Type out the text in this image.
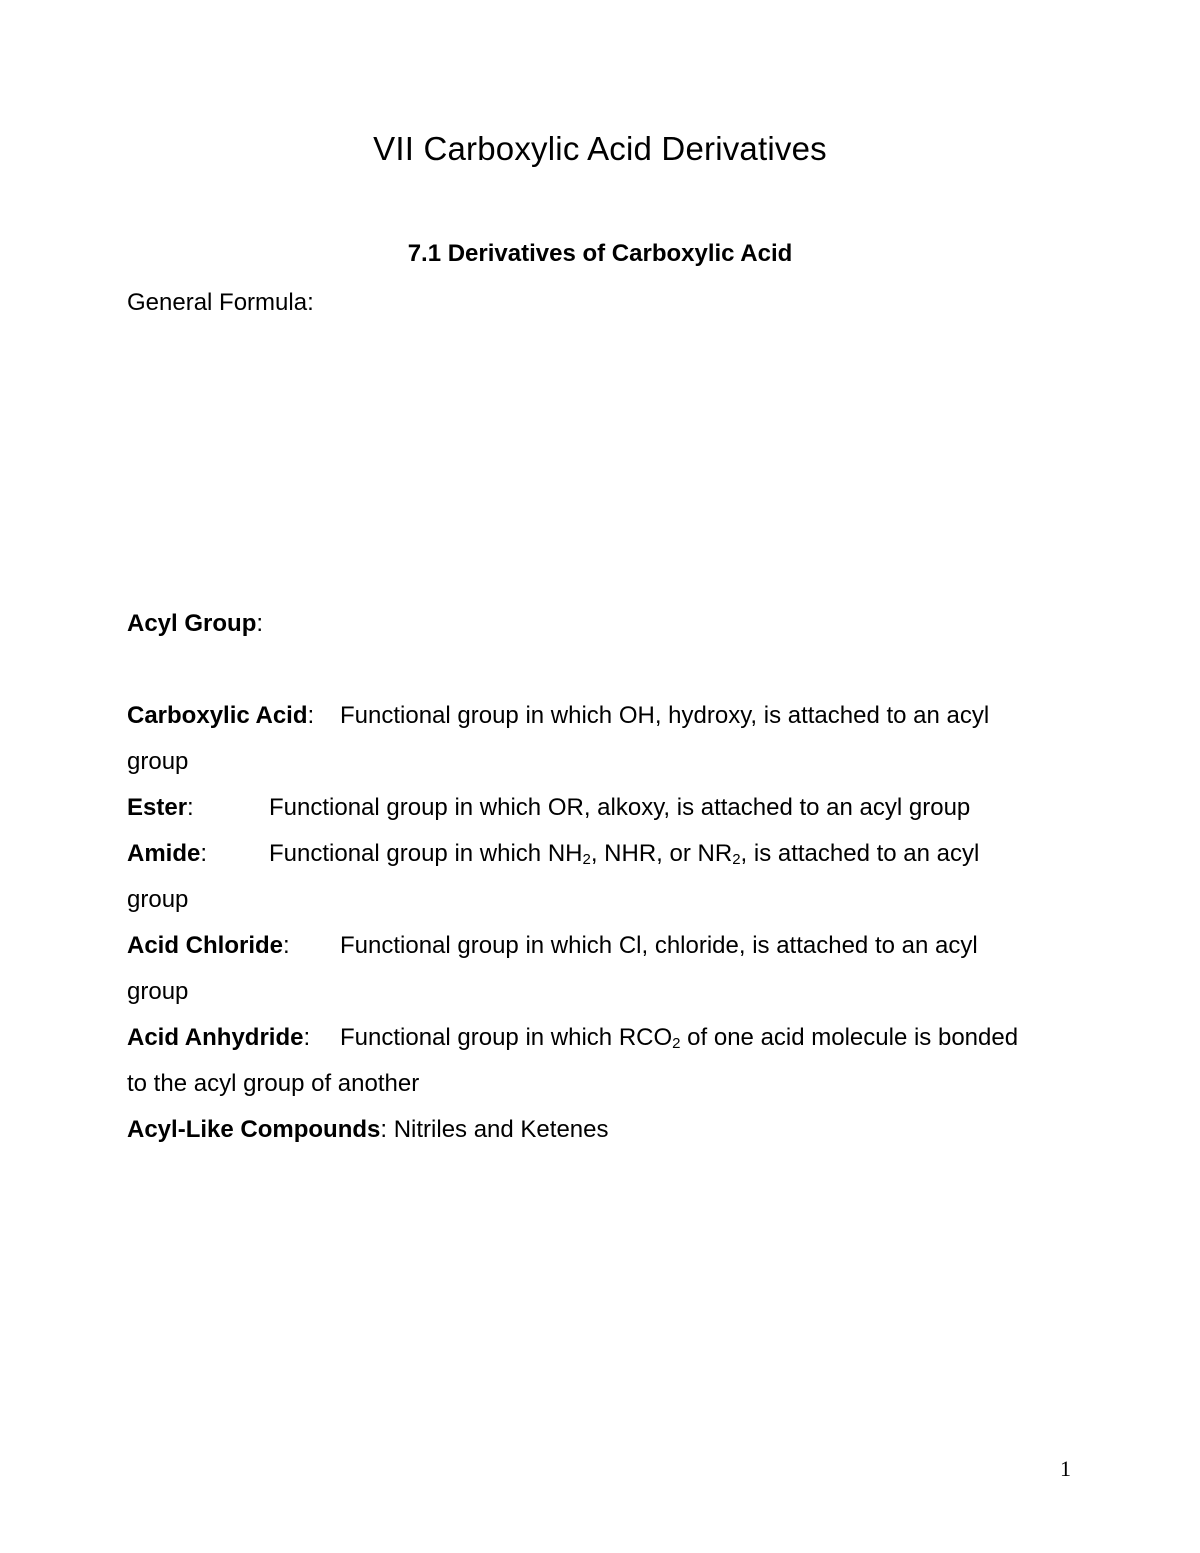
VII Carboxylic Acid Derivatives
7.1 Derivatives of Carboxylic Acid
General Formula:
Acyl Group:
Carboxylic Acid: Functional group in which OH, hydroxy, is attached to an acyl
group
Ester:	Functional group in which OR, alkoxy, is attached to an acyl group
Amide:	Functional group in which $NH_2$, NHR, or $NR_2$, is attached to an acyl
group
Acid Chloride: Functional group in which Cl, chloride, is attached to an acyl
group
Acid Anhydride: Functional group in which $RCO_2$ of one acid molecule is bonded
to the acyl group of another
Acyl-Like Compounds: Nitriles and Ketenes
1
